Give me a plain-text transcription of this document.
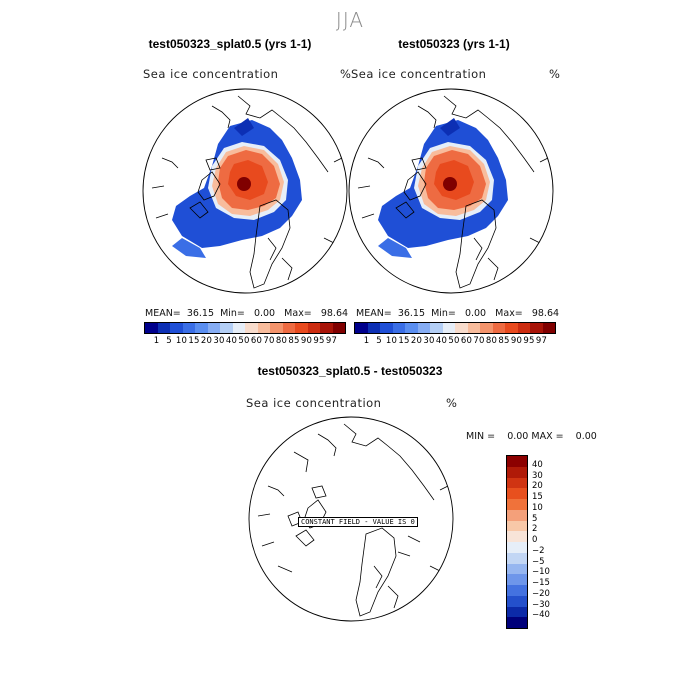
JJA
test050323_splat0.5 (yrs 1-1)
Sea ice concentration	%
test050323 (yrs 1-1)
Sea ice concentration	%
MEAN= 36.15 Min= 0.00 Max= 98.64 MEAN= 36.15 Min= 0.00 Max= 98.64
1 5 10 15 20 30 40 50 60 70 80 85 90 95 97	1 5 10 15 20 30 40 50 60 70 80 85 90 95 97
test050323_splat0.5 - test050323
Sea ice concentration	%
MIN = 0.00 MAX = 0.00
CONSTANT FIELD - VALUE IS 0
40
30
20
15
10
5
2
0
−2
−5
−10
−15
−20
−30
−40
